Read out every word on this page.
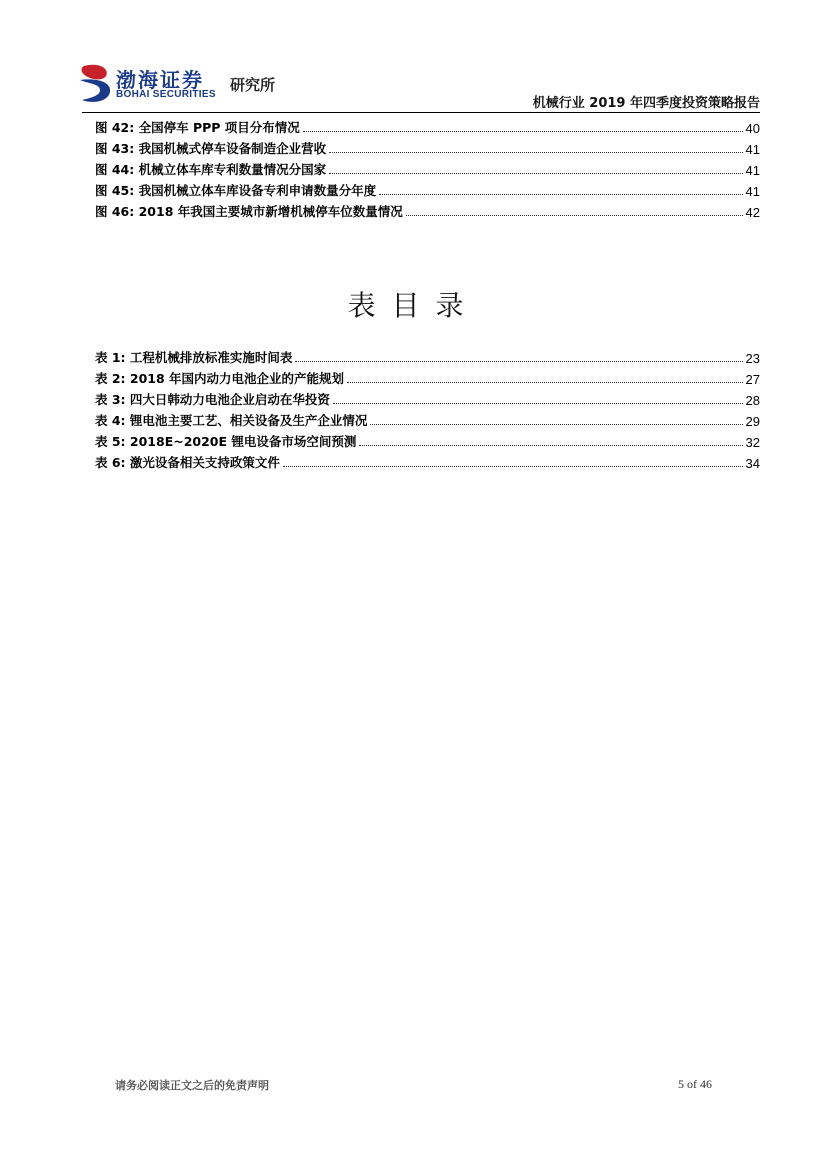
渤海证券
BOHAI SECURITIES
研究所
机械行业 2019 年四季度投资策略报告
图 42: 全国停车 PPP 项目分布情况	40
图 43: 我国机械式停车设备制造企业营收	41
图 44: 机械立体车库专利数量情况分国家	41
图 45: 我国机械立体车库设备专利申请数量分年度	41
图 46: 2018 年我国主要城市新增机械停车位数量情况	42
表目录
表 1: 工程机械排放标准实施时间表	23
表 2: 2018 年国内动力电池企业的产能规划	27
表 3: 四大日韩动力电池企业启动在华投资	28
表 4: 锂电池主要工艺、相关设备及生产企业情况	29
表 5: 2018E~2020E 锂电设备市场空间预测	32
表 6: 激光设备相关支持政策文件	34
请务必阅读正文之后的免责声明	5 of 46
